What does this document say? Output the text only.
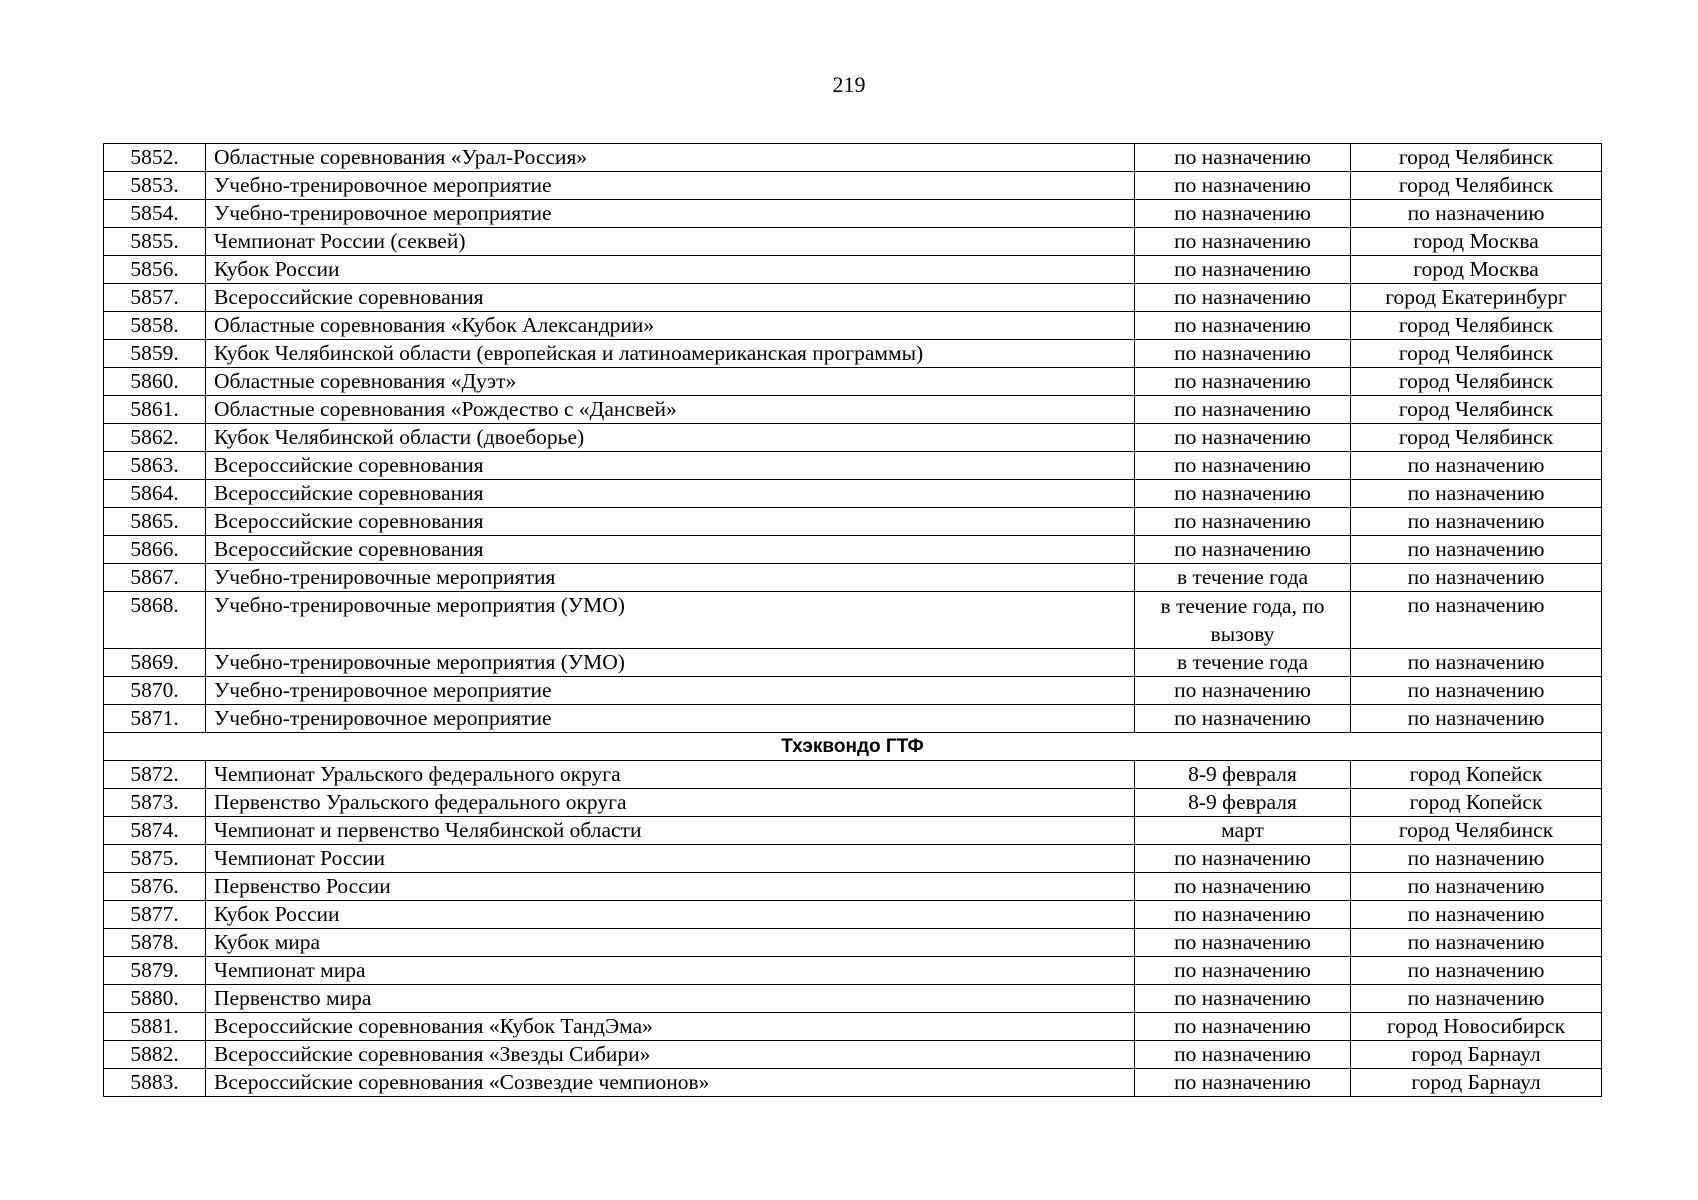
219
5852.	Областные соревнования «Урал-Россия»	по назначению	город Челябинск
5853.	Учебно-тренировочное мероприятие	по назначению	город Челябинск
5854.	Учебно-тренировочное мероприятие	по назначению	по назначению
5855.	Чемпионат России (секвей)	по назначению	город Москва
5856.	Кубок России	по назначению	город Москва
5857.	Всероссийские соревнования	по назначению	город Екатеринбург
5858.	Областные соревнования «Кубок Александрии»	по назначению	город Челябинск
5859.	Кубок Челябинской области (европейская и латиноамериканская программы)	по назначению	город Челябинск
5860.	Областные соревнования «Дуэт»	по назначению	город Челябинск
5861.	Областные соревнования «Рождество с «Дансвей»	по назначению	город Челябинск
5862.	Кубок Челябинской области (двоеборье)	по назначению	город Челябинск
5863.	Всероссийские соревнования	по назначению	по назначению
5864.	Всероссийские соревнования	по назначению	по назначению
5865.	Всероссийские соревнования	по назначению	по назначению
5866.	Всероссийские соревнования	по назначению	по назначению
5867.	Учебно-тренировочные мероприятия	в течение года	по назначению
5868.	Учебно-тренировочные мероприятия (УМО)	в течение года, по вызову	по назначению
5869.	Учебно-тренировочные мероприятия (УМО)	в течение года	по назначению
5870.	Учебно-тренировочное мероприятие	по назначению	по назначению
5871.	Учебно-тренировочное мероприятие	по назначению	по назначению
Тхэквондо ГТФ			
5872.	Чемпионат Уральского федерального округа	8-9 февраля	город Копейск
5873.	Первенство Уральского федерального округа	8-9 февраля	город Копейск
5874.	Чемпионат и первенство Челябинской области	март	город Челябинск
5875.	Чемпионат России	по назначению	по назначению
5876.	Первенство России	по назначению	по назначению
5877.	Кубок России	по назначению	по назначению
5878.	Кубок мира	по назначению	по назначению
5879.	Чемпионат мира	по назначению	по назначению
5880.	Первенство мира	по назначению	по назначению
5881.	Всероссийские соревнования «Кубок ТандЭма»	по назначению	город Новосибирск
5882.	Всероссийские соревнования «Звезды Сибири»	по назначению	город Барнаул
5883.	Всероссийские соревнования «Созвездие чемпионов»	по назначению	город Барнаул
